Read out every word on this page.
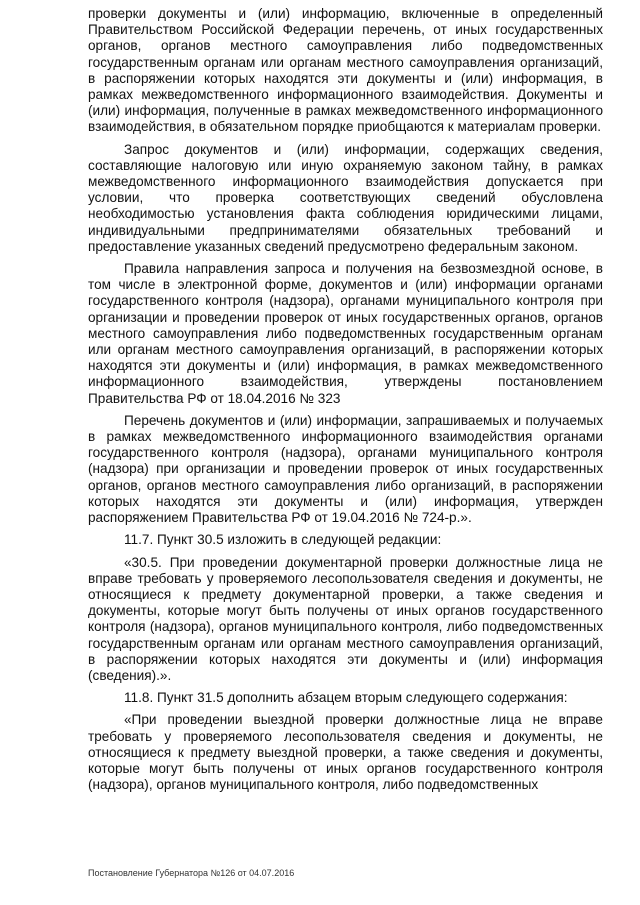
проверки документы и (или) информацию, включенные в определенный Правительством Российской Федерации перечень, от иных государственных органов, органов местного самоуправления либо подведомственных государственным органам или органам местного самоуправления организаций, в распоряжении которых находятся эти документы и (или) информация, в рамках межведомственного информационного взаимодействия. Документы и (или) информация, полученные в рамках межведомственного информационного взаимодействия, в обязательном порядке приобщаются к материалам проверки.

Запрос документов и (или) информации, содержащих сведения, составляющие налоговую или иную охраняемую законом тайну, в рамках межведомственного информационного взаимодействия допускается при условии, что проверка соответствующих сведений обусловлена необходимостью установления факта соблюдения юридическими лицами, индивидуальными предпринимателями обязательных требований и предоставление указанных сведений предусмотрено федеральным законом.

Правила направления запроса и получения на безвозмездной основе, в том числе в электронной форме, документов и (или) информации органами государственного контроля (надзора), органами муниципального контроля при организации и проведении проверок от иных государственных органов, органов местного самоуправления либо подведомственных государственным органам или органам местного самоуправления организаций, в распоряжении которых находятся эти документы и (или) информация, в рамках межведомственного информационного взаимодействия, утверждены постановлением Правительства РФ от 18.04.2016 № 323

Перечень документов и (или) информации, запрашиваемых и получаемых в рамках межведомственного информационного взаимодействия органами государственного контроля (надзора), органами муниципального контроля (надзора) при организации и проведении проверок от иных государственных органов, органов местного самоуправления либо организаций, в распоряжении которых находятся эти документы и (или) информация, утвержден распоряжением Правительства РФ от 19.04.2016 № 724-р.».

11.7. Пункт 30.5 изложить в следующей редакции:

«30.5. При проведении документарной проверки должностные лица не вправе требовать у проверяемого лесопользователя сведения и документы, не относящиеся к предмету документарной проверки, а также сведения и документы, которые могут быть получены от иных органов государственного контроля (надзора), органов муниципального контроля, либо подведомственных государственным органам или органам местного самоуправления организаций, в распоряжении которых находятся эти документы и (или) информация (сведения).».

11.8. Пункт 31.5 дополнить абзацем вторым следующего содержания:

«При проведении выездной проверки должностные лица не вправе требовать у проверяемого лесопользователя сведения и документы, не относящиеся к предмету выездной проверки, а также сведения и документы, которые могут быть получены от иных органов государственного контроля (надзора), органов муниципального контроля, либо подведомственных

Постановление Губернатора №126 от 04.07.2016
